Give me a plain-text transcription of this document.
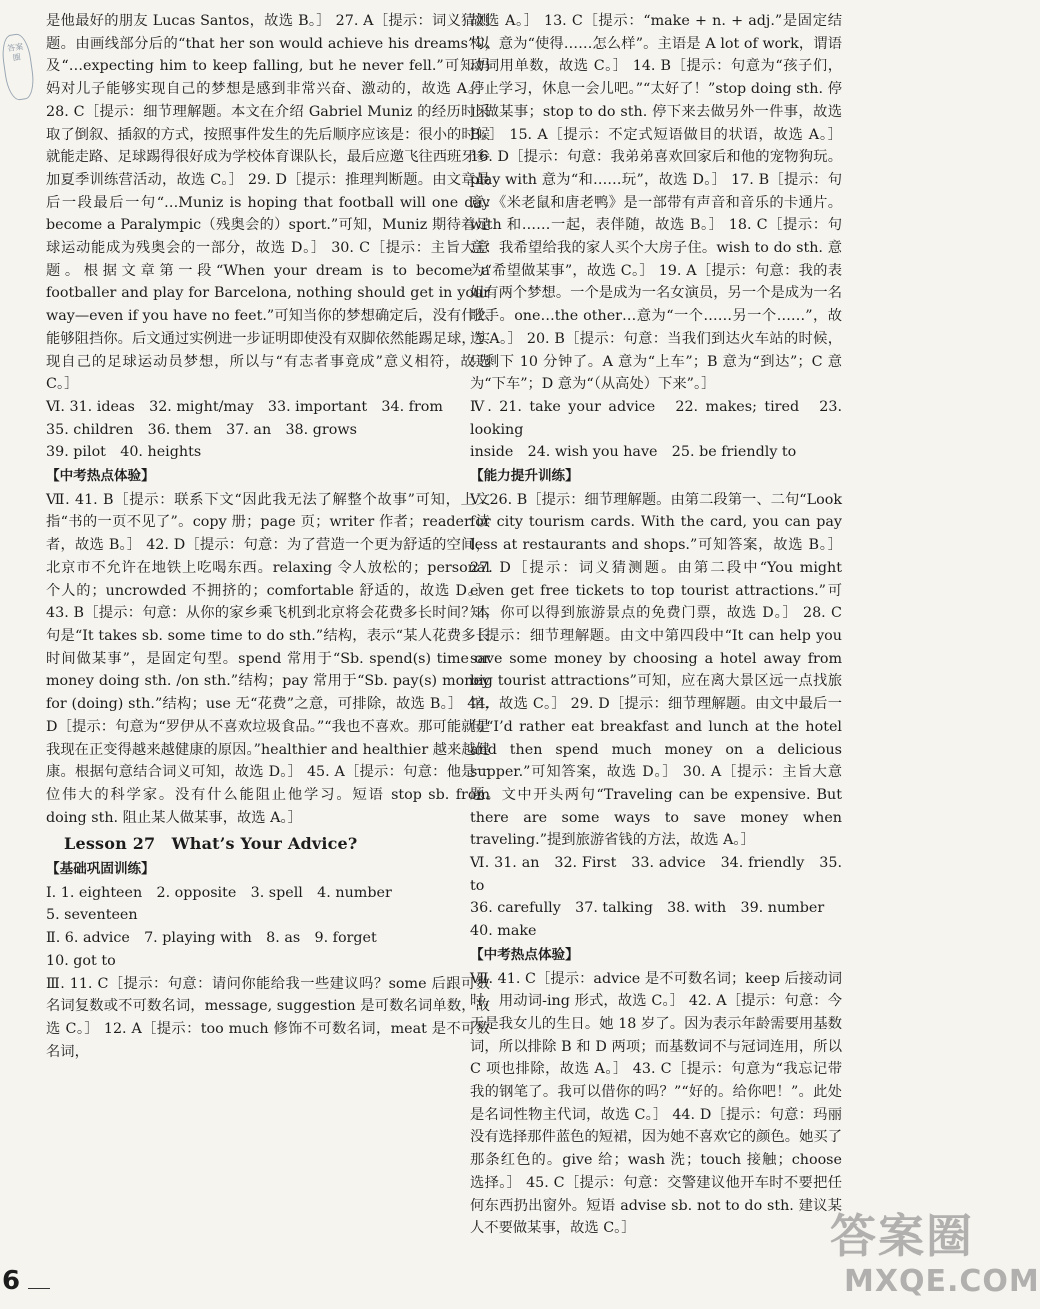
答案 圈

是他最好的朋友 Lucas Santos，故选 B。］ 27. A［提示：词义猜测题。由画线部分后的“that her son would achieve his dreams”以及“…expecting him to keep falling, but he never fell.”可知妈妈对儿子能够实现自己的梦想是感到非常兴奋、激动的，故选 A。］ 28. C［提示：细节理解题。本文在介绍 Gabriel Muniz 的经历时采取了倒叙、插叙的方式，按照事件发生的先后顺序应该是：很小的时候就能走路、足球踢得很好成为学校体育课队长，最后应邀飞往西班牙参加夏季训练营活动，故选 C。］ 29. D［提示：推理判断题。由文章最后一段最后一句“…Muniz is hoping that football will one day become a Paralympic（残奥会的）sport.”可知，Muniz 期待着足球运动能成为残奥会的一部分，故选 D。］ 30. C［提示：主旨大意题。根据文章第一段“When your dream is to become a footballer and play for Barcelona, nothing should get in your way—even if you have no feet.”可知当你的梦想确定后，没有什么能够阻挡你。后文通过实例进一步证明即使没有双脚依然能踢足球，实现自己的足球运动员梦想，所以与“有志者事竟成”意义相符，故选 C。］

Ⅵ. 31. ideas　32. might/may　33. important　34. from

35. children　36. them　37. an　38. grows

39. pilot　40. heights

【中考热点体验】

Ⅶ. 41. B［提示：联系下文“因此我无法了解整个故事”可知，上文指“书的一页不见了”。copy 册；page 页；writer 作者；reader 读者，故选 B。］ 42. D［提示：句意：为了营造一个更为舒适的空间，北京市不允许在地铁上吃喝东西。relaxing 令人放松的；personal 个人的；uncrowded 不拥挤的；comfortable 舒适的，故选 D。］ 43. B［提示：句意：从你的家乡乘飞机到北京将会花费多长时间？本句是“It takes sb. some time to do sth.”结构，表示“某人花费多长时间做某事”，是固定句型。spend 常用于“Sb. spend(s) time or money doing sth. /on sth.”结构；pay 常用于“Sb. pay(s) money for (doing) sth.”结构；use 无“花费”之意，可排除，故选 B。］ 44. D［提示：句意为“罗伊从不喜欢垃圾食品。”“我也不喜欢。那可能就是我现在正变得越来越健康的原因。”healthier and healthier 越来越健康。根据句意结合词义可知，故选 D。］ 45. A［提示：句意：他是一位伟大的科学家。没有什么能阻止他学习。短语 stop sb. from doing sth. 阻止某人做某事，故选 A。］

Lesson 27　What’s Your Advice?
【基础巩固训练】

Ⅰ. 1. eighteen　2. opposite　3. spell　4. number

5. seventeen

Ⅱ. 6. advice　7. playing with　8. as　9. forget

10. got to

Ⅲ. 11. C［提示：句意：请问你能给我一些建议吗？some 后跟可数名词复数或不可数名词，message, suggestion 是可数名词单数，故选 C。］ 12. A［提示：too much 修饰不可数名词，meat 是不可数名词，

故选 A。］ 13. C［提示：“make + n. + adj.”是固定结构，意为“使得……怎么样”。主语是 A lot of work，谓语动词用单数，故选 C。］ 14. B［提示：句意为“孩子们，停止学习，休息一会儿吧。”“太好了！”stop doing sth. 停止做某事；stop to do sth. 停下来去做另外一件事，故选 B。］ 15. A［提示：不定式短语做目的状语，故选 A。］ 16. D［提示：句意：我弟弟喜欢回家后和他的宠物狗玩。play with 意为“和……玩”，故选 D。］ 17. B［提示：句意：《米老鼠和唐老鸭》是一部带有声音和音乐的卡通片。with 和……一起，表伴随，故选 B。］ 18. C［提示：句意：我希望给我的家人买个大房子住。wish to do sth. 意为“希望做某事”，故选 C。］ 19. A［提示：句意：我的表姐有两个梦想。一个是成为一名女演员，另一个是成为一名歌手。one…the other…意为“一个……另一个……”，故选 A。］ 20. B［提示：句意：当我们到达火车站的时候，只剩下 10 分钟了。A 意为“上车”；B 意为“到达”；C 意为“下车”；D 意为“（从高处）下来”。］

Ⅳ. 21. take your advice　22. makes; tired　23. looking

inside　24. wish you have　25. be friendly to

【能力提升训练】

Ⅴ. 26. B［提示：细节理解题。由第二段第一、二句“Look for city tourism cards. With the card, you can pay less at restaurants and shops.”可知答案，故选 B。］ 27. D［提示：词义猜测题。由第二段中“You might even get free tickets to top tourist attractions.”可知，你可以得到旅游景点的免费门票，故选 D。］ 28. C［提示：细节理解题。由文中第四段中“It can help you save some money by choosing a hotel away from big tourist attractions”可知，应在离大景区远一点找旅馆，故选 C。］ 29. D［提示：细节理解题。由文中最后一句“I’d rather eat breakfast and lunch at the hotel and then spend much money on a delicious supper.”可知答案，故选 D。］ 30. A［提示：主旨大意题。文中开头两句“Traveling can be expensive. But there are some ways to save money when traveling.”提到旅游省钱的方法，故选 A。］

Ⅵ. 31. an　32. First　33. advice　34. friendly　35. to

36. carefully　37. talking　38. with　39. number

40. make

【中考热点体验】

Ⅶ. 41. C［提示：advice 是不可数名词；keep 后接动词时，用动词-ing 形式，故选 C。］ 42. A［提示：句意：今天是我女儿的生日。她 18 岁了。因为表示年龄需要用基数词，所以排除 B 和 D 两项；而基数词不与冠词连用，所以 C 项也排除，故选 A。］ 43. C［提示：句意为“我忘记带我的钢笔了。我可以借你的吗？”“好的。给你吧！”。此处是名词性物主代词，故选 C。］ 44. D［提示：句意：玛丽没有选择那件蓝色的短裙，因为她不喜欢它的颜色。她买了那条红色的。give 给；wash 洗；touch 接触；choose 选择。］ 45. C［提示：句意：交警建议他开车时不要把任何东西扔出窗外。短语 advise sb. not to do sth. 建议某人不要做某事，故选 C。］

6
答案圈
MXQE.COM
